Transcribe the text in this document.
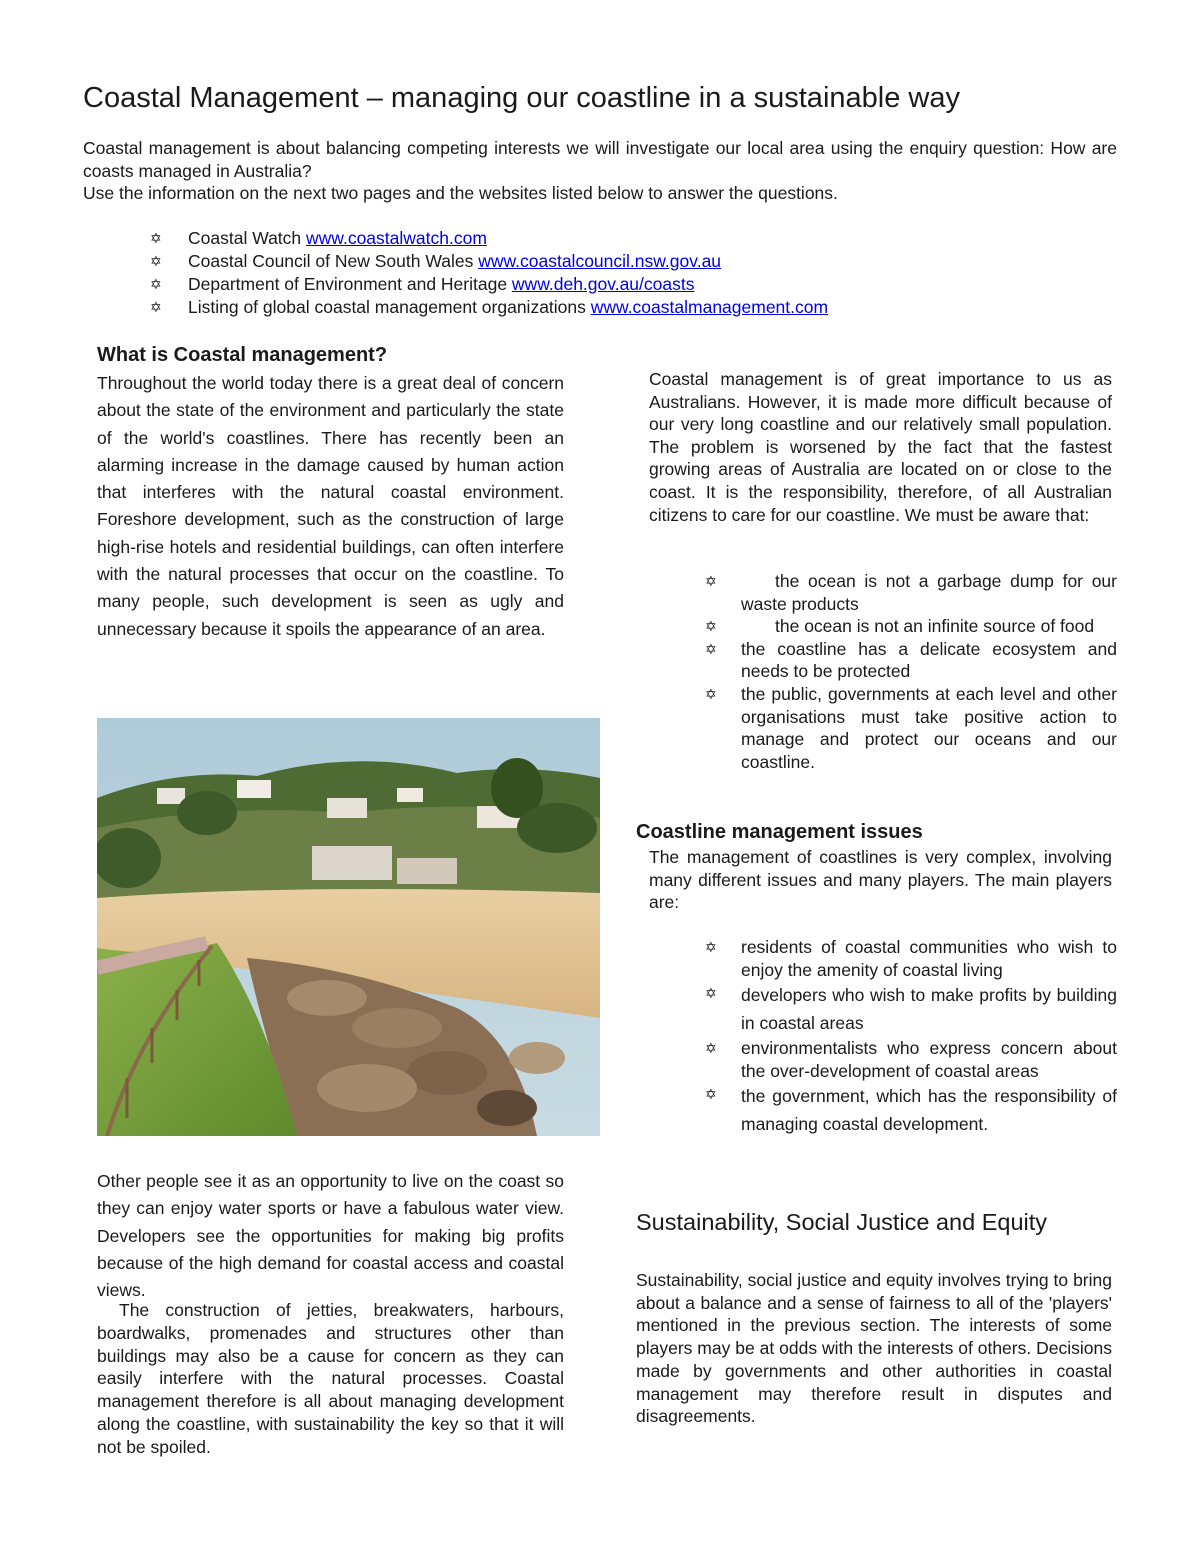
Coastal Management – managing our coastline in a sustainable way

Coastal management is about balancing competing interests we will investigate our local area using the enquiry question: How are coasts managed in Australia?

Use the information on the next two pages and the websites listed below to answer the questions.

✡ Coastal Watch www.coastalwatch.com
✡ Coastal Council of New South Wales www.coastalcouncil.nsw.gov.au
✡ Department of Environment and Heritage www.deh.gov.au/coasts
✡ Listing of global coastal management organizations www.coastalmanagement.com
What is Coastal management?

Throughout the world today there is a great deal of concern about the state of the environment and particularly the state of the world's coastlines. There has recently been an alarming increase in the damage caused by human action that interferes with the natural coastal environment. Foreshore development, such as the construction of large high-rise hotels and residential buildings, can often interfere with the natural processes that occur on the coastline. To many people, such development is seen as ugly and unnecessary because it spoils the appearance of an area.

Other people see it as an opportunity to live on the coast so they can enjoy water sports or have a fabulous water view. Developers see the opportunities for making big profits because of the high demand for coastal access and coastal views.

The construction of jetties, breakwaters, harbours, boardwalks, promenades and structures other than buildings may also be a cause for concern as they can easily interfere with the natural processes. Coastal management therefore is all about managing development along the coastline, with sustainability the key so that it will not be spoiled.

Coastal management is of great importance to us as Australians. However, it is made more difficult because of our very long coastline and our relatively small population. The problem is worsened by the fact that the fastest growing areas of Australia are located on or close to the coast. It is the responsibility, therefore, of all Australian citizens to care for our coastline. We must be aware that:

✡	the ocean is not a garbage dump for our waste products
✡	the ocean is not an infinite source of food
✡ the coastline has a delicate ecosystem and needs to be protected
✡ the public, governments at each level and other organisations must take positive action to manage and protect our oceans and our coastline.
Coastline management issues

The management of coastlines is very complex, involving many different issues and many players. The main players are:

✡ residents of coastal communities who wish to enjoy the amenity of coastal living
✡ developers who wish to make profits by building in coastal areas
✡ environmentalists who express concern about the over-development of coastal areas
✡ the government, which has the responsibility of managing coastal development.
Sustainability, Social Justice and Equity

Sustainability, social justice and equity involves trying to bring about a balance and a sense of fairness to all of the 'players' mentioned in the previous section. The interests of some players may be at odds with the interests of others. Decisions made by governments and other authorities in coastal management may therefore result in disputes and disagreements.
